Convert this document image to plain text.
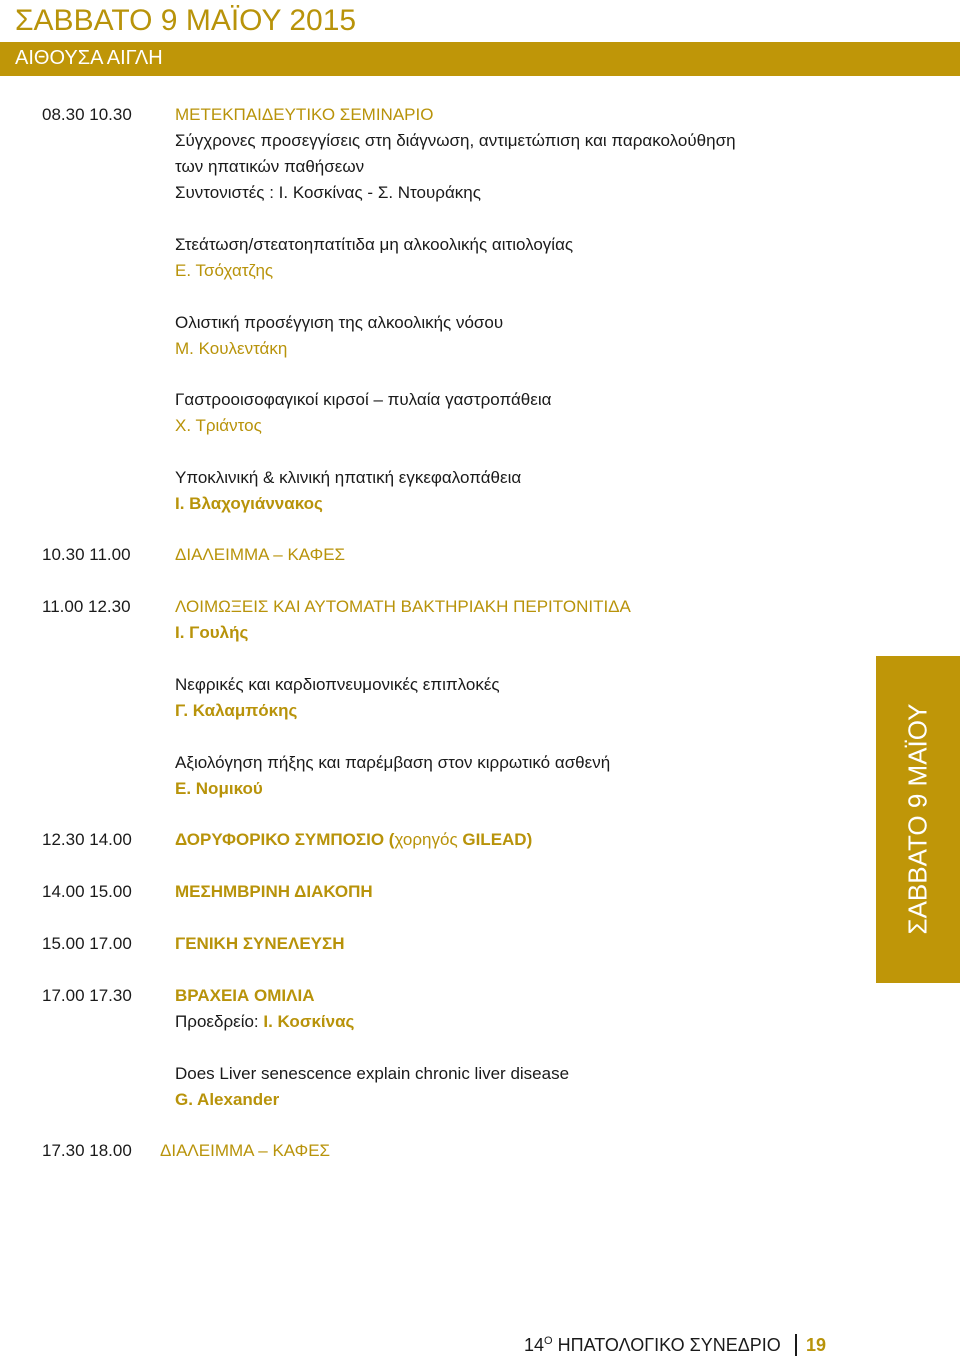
ΣΑΒΒΑΤΟ 9 ΜΑΪΟΥ 2015
ΑΙΘΟΥΣΑ ΑΙΓΛΗ
08.30 10.30	ΜΕΤΕΚΠΑΙΔΕΥΤΙΚΟ ΣΕΜΙΝΑΡΙΟ
Σύγχρονες προσεγγίσεις στη διάγνωση, αντιμετώπιση και παρακολούθηση
των ηπατικών παθήσεων
Συντονιστές : Ι. Κοσκίνας - Σ. Ντουράκης
Στεάτωση/στεατοηπατίτιδα μη αλκοολικής αιτιολογίας
Ε. Τσόχατζης
Ολιστική προσέγγιση της αλκοολικής νόσου
Μ. Κουλεντάκη
Γαστροοισοφαγικοί κιρσοί – πυλαία γαστροπάθεια
Χ. Τριάντος
Υποκλινική & κλινική ηπατική εγκεφαλοπάθεια
Ι. Βλαχογιάννακος
10.30 11.00	ΔΙΑΛΕΙΜΜΑ – ΚΑΦΕΣ
11.00 12.30	ΛΟΙΜΩΞΕΙΣ ΚΑΙ ΑΥΤΟΜΑΤΗ ΒΑΚΤΗΡΙΑΚΗ ΠΕΡΙΤΟΝΙΤΙΔΑ
Ι. Γουλής
Νεφρικές και καρδιοπνευμονικές επιπλοκές
Γ. Καλαμπόκης
Αξιολόγηση πήξης και παρέμβαση στον κιρρωτικό ασθενή
Ε. Νομικού
12.30 14.00	ΔΟΡΥΦΟΡΙΚΟ ΣΥΜΠΟΣΙΟ (χορηγός GILEAD)
14.00 15.00	ΜΕΣΗΜΒΡΙΝΗ ΔΙΑΚΟΠΗ
15.00 17.00	ΓΕΝΙΚΗ ΣΥΝΕΛΕΥΣΗ
17.00 17.30	ΒΡΑΧΕΙΑ ΟΜΙΛΙΑ
Προεδρείο: Ι. Κοσκίνας
Does Liver senescence explain chronic liver disease
G. Alexander
17.30 18.00 ΔΙΑΛΕΙΜΜΑ – ΚΑΦΕΣ
ΣΑΒΒΑΤΟ 9 ΜΑΪΟΥ
$14^O$ ΗΠΑΤΟΛΟΓΙΚΟ ΣΥΝΕΔΡΙΟ 19
